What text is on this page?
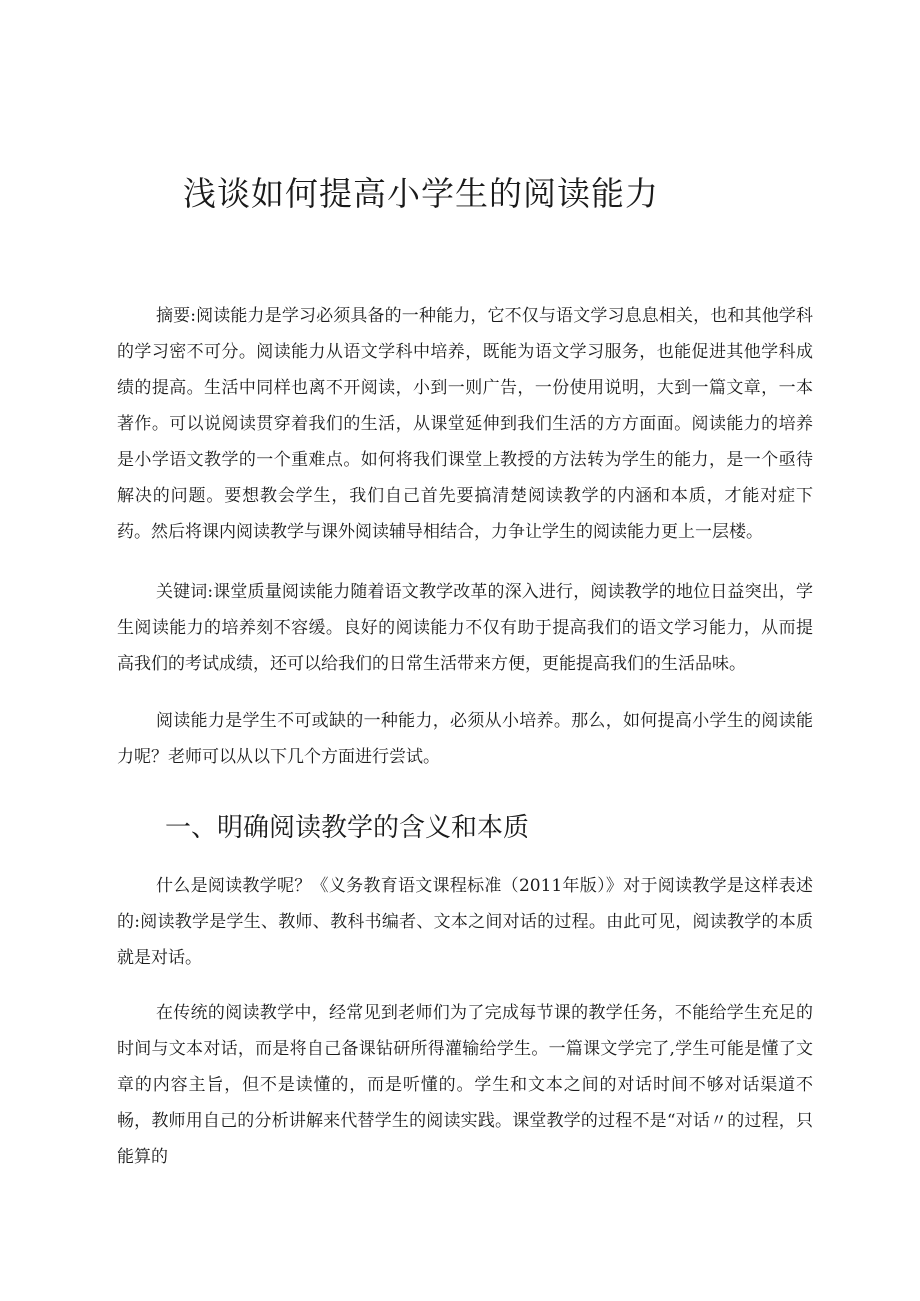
浅谈如何提高小学生的阅读能力

摘要:阅读能力是学习必须具备的一种能力，它不仅与语文学习息息相关，也和其他学科的学习密不可分。阅读能力从语文学科中培养，既能为语文学习服务，也能促进其他学科成绩的提高。生活中同样也离不开阅读，小到一则广告，一份使用说明，大到一篇文章，一本著作。可以说阅读贯穿着我们的生活，从课堂延伸到我们生活的方方面面。阅读能力的培养是小学语文教学的一个重难点。如何将我们课堂上教授的方法转为学生的能力，是一个亟待解决的问题。要想教会学生，我们自己首先要搞清楚阅读教学的内涵和本质，才能对症下药。然后将课内阅读教学与课外阅读辅导相结合，力争让学生的阅读能力更上一层楼。

关键词:课堂质量阅读能力随着语文教学改革的深入进行，阅读教学的地位日益突出，学生阅读能力的培养刻不容缓。良好的阅读能力不仅有助于提高我们的语文学习能力，从而提高我们的考试成绩，还可以给我们的日常生活带来方便，更能提高我们的生活品味。

阅读能力是学生不可或缺的一种能力，必须从小培养。那么，如何提高小学生的阅读能力呢？老师可以从以下几个方面进行尝试。

一、明确阅读教学的含义和本质

什么是阅读教学呢？《义务教育语文课程标准（2011年版）》对于阅读教学是这样表述的:阅读教学是学生、教师、教科书编者、文本之间对话的过程。由此可见，阅读教学的本质就是对话。

在传统的阅读教学中，经常见到老师们为了完成每节课的教学任务，不能给学生充足的时间与文本对话，而是将自己备课钻研所得灌输给学生。一篇课文学完了,学生可能是懂了文章的内容主旨，但不是读懂的，而是听懂的。学生和文本之间的对话时间不够对话渠道不畅，教师用自己的分析讲解来代替学生的阅读实践。课堂教学的过程不是“对话〃的过程，只能算的
